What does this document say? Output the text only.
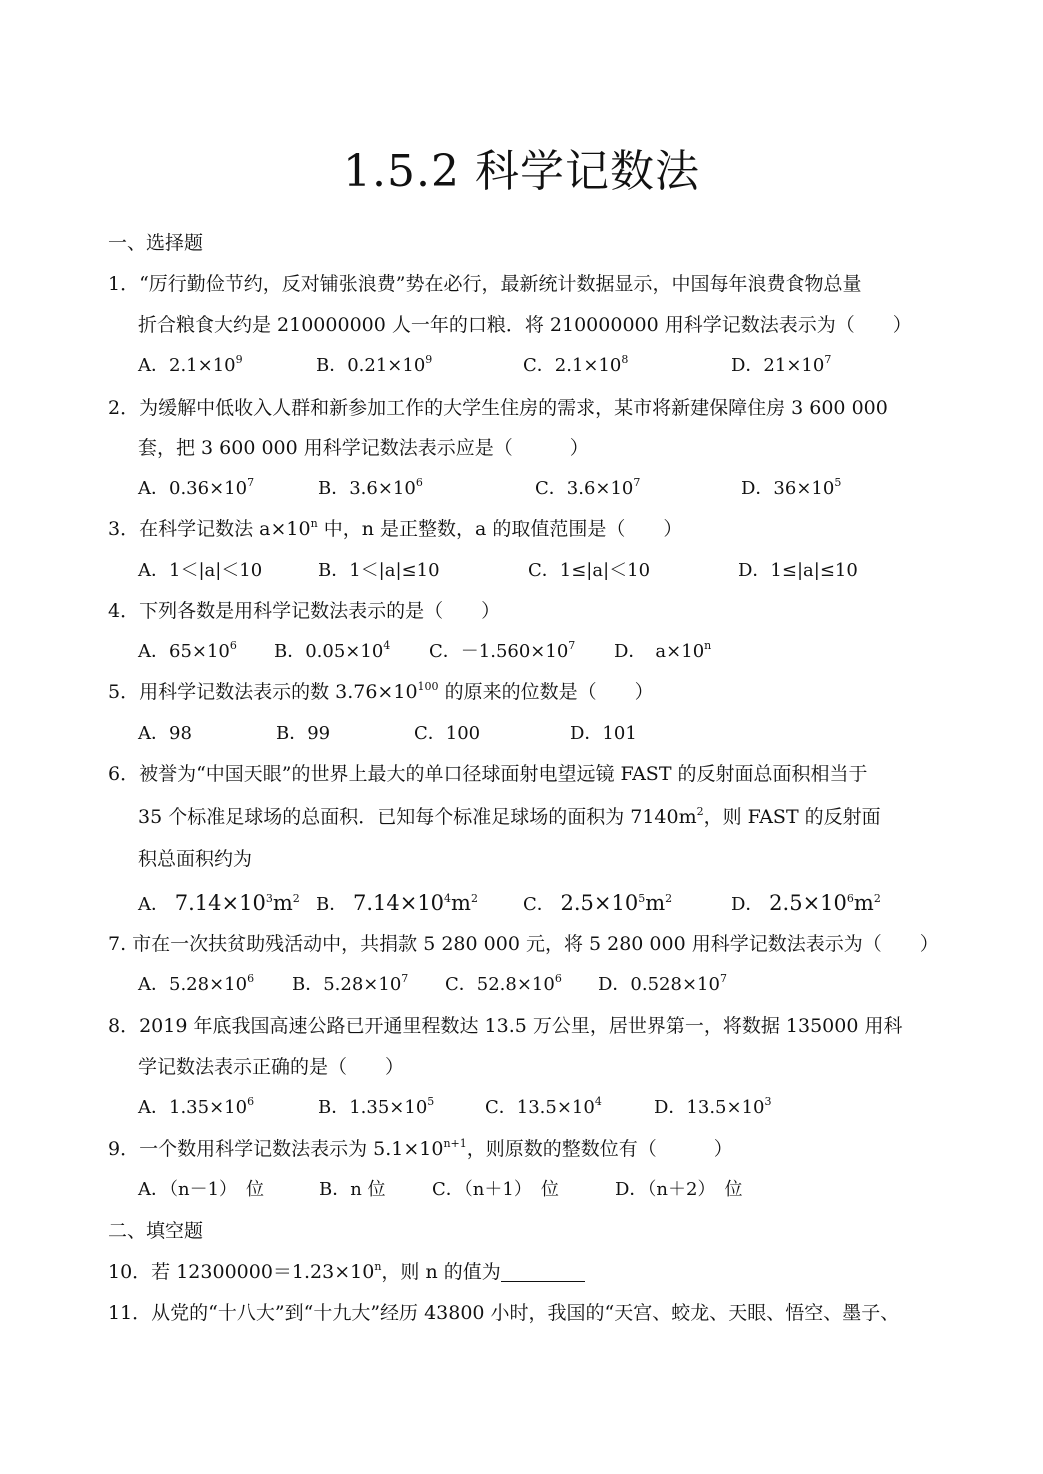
1.5.2 科学记数法
一、选择题
1．“厉行勤俭节约，反对铺张浪费”势在必行，最新统计数据显示，中国每年浪费食物总量
折合粮食大约是 210000000 人一年的口粮．将 210000000 用科学记数法表示为（　　）
A．$2.1\times 10^9$	B．$0.21\times 10^9$	C．$2.1\times 10^8$	D．$21\times 10^7$
2．为缓解中低收入人群和新参加工作的大学生住房的需求，某市将新建保障住房 3 600 000
套，把 3 600 000 用科学记数法表示应是（　　　）
A．$0.36\times 10^7$	B．$3.6\times 10^6$	C．$3.6\times 10^7$	D．$36\times 10^5$
3．在科学记数法 $a\times 10^n$ 中，n 是正整数，a 的取值范围是（　　）
A．1＜|a|＜10	B．1＜|a|≤10	C．1≤|a|＜10	D．1≤|a|≤10
4．下列各数是用科学记数法表示的是（　　）
A．$65\times 10^6$ B．$0.05\times 10^4$ C．$-1.560\times 10^7$ D．　$a\times 10^n$
5．用科学记数法表示的数 $3.76\times 10^{100}$ 的原来的位数是（　　）
A．98	B．99	C．100	D．101
6．被誉为“中国天眼”的世界上最大的单口径球面射电望远镜 FAST 的反射面总面积相当于
35 个标准足球场的总面积．已知每个标准足球场的面积为 $7140m^2$，则 FAST 的反射面
积总面积约为
A． $7.14\times 10^3m^2$ B． $7.14\times 10^4m^2$	C． $2.5\times 10^5m^2$	D． $2.5\times 10^6m^2$
7. 市在一次扶贫助残活动中，共捐款 5 280 000 元，将 5 280 000 用科学记数法表示为（　　）
A．$5.28\times 10^6$ B．$5.28\times 10^7$ C．$52.8\times 10^6$ D．$0.528\times 10^7$
8．2019 年底我国高速公路已开通里程数达 13.5 万公里，居世界第一，将数据 135000 用科
学记数法表示正确的是（　　）
A．$1.35\times 10^6$	B．$1.35\times 10^5$	C．$13.5\times 10^4$	D．$13.5\times 10^3$
9．一个数用科学记数法表示为 $5.1\times 10^{n+1}$，则原数的整数位有（　　　）
A．（n－1）　位	B．n 位	C．（n＋1）　位	D．（n＋2）　位
二、填空题
10．若 $12300000=1.23\times 10^n$，则 n 的值为
11．从党的“十八大”到“十九大”经历 43800 小时，我国的“天宫、蛟龙、天眼、悟空、墨子、
